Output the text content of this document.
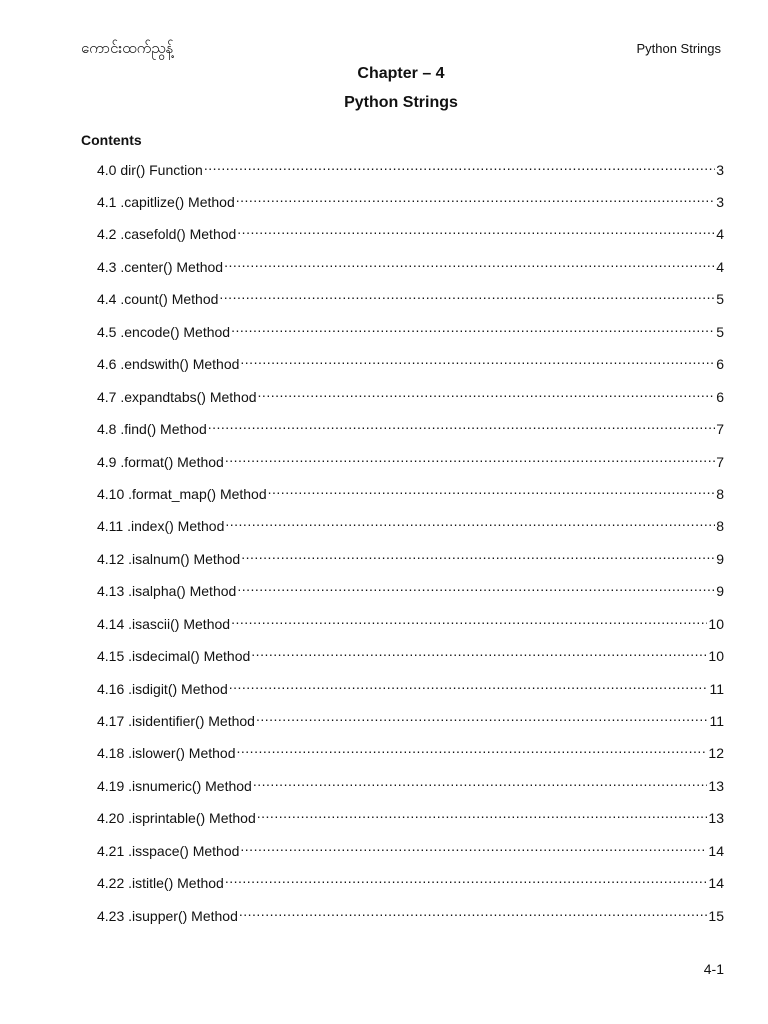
ကောင်းထက်ညွန့်	Python Strings
Chapter – 4
Python Strings
Contents
4.0 dir() Function .....	3
4.1 .capitlize() Method .....	3
4.2 .casefold() Method .....	4
4.3 .center() Method .....	4
4.4 .count() Method .....	5
4.5 .encode() Method .....	5
4.6 .endswith() Method .....	6
4.7 .expandtabs() Method .....	6
4.8 .find() Method .....	7
4.9 .format() Method .....	7
4.10 .format_map() Method .....	8
4.11 .index() Method .....	8
4.12 .isalnum() Method .....	9
4.13 .isalpha() Method .....	9
4.14 .isascii() Method .....	10
4.15 .isdecimal() Method .....	10
4.16 .isdigit() Method .....	11
4.17 .isidentifier() Method .....	11
4.18 .islower() Method .....	12
4.19 .isnumeric() Method .....	13
4.20 .isprintable() Method .....	13
4.21 .isspace() Method .....	14
4.22 .istitle() Method .....	14
4.23 .isupper() Method .....	15
4-1
